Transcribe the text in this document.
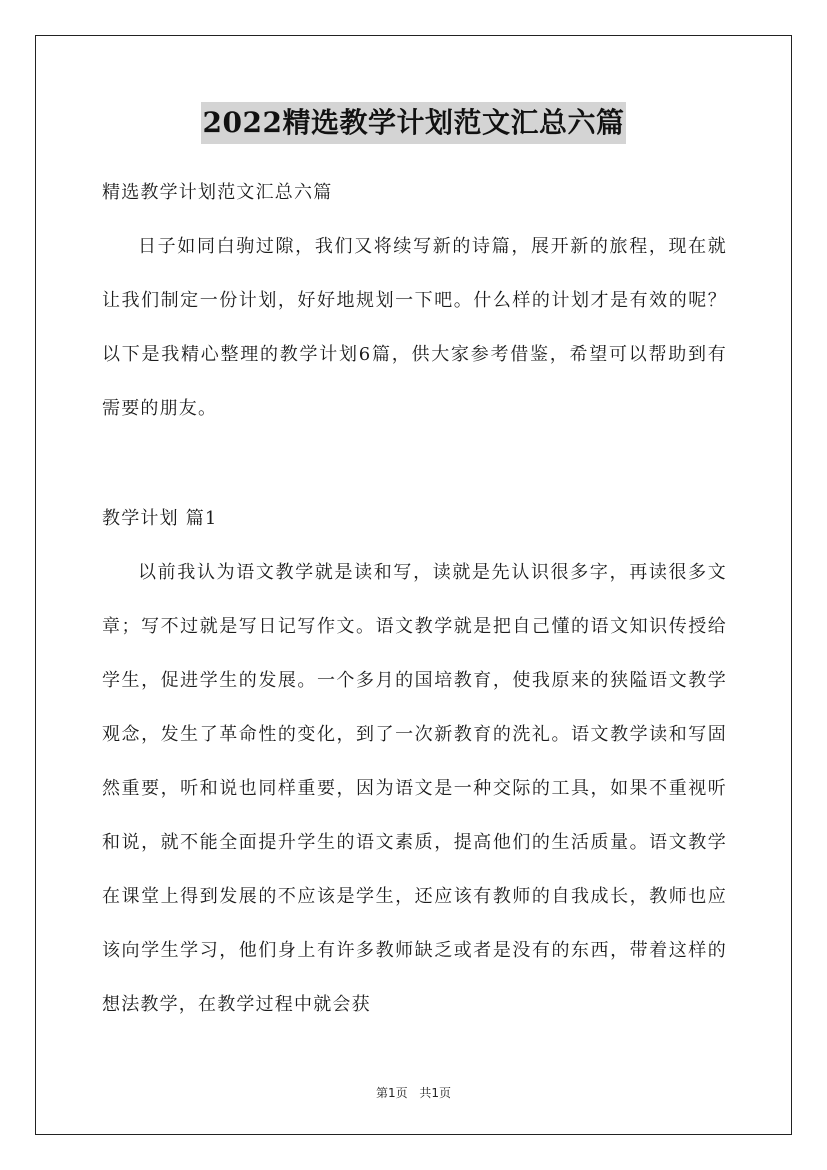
2022精选教学计划范文汇总六篇

精选教学计划范文汇总六篇

日子如同白驹过隙，我们又将续写新的诗篇，展开新的旅程，现在就让我们制定一份计划，好好地规划一下吧。什么样的计划才是有效的呢？以下是我精心整理的教学计划6篇，供大家参考借鉴，希望可以帮助到有需要的朋友。

教学计划 篇1

以前我认为语文教学就是读和写，读就是先认识很多字，再读很多文章；写不过就是写日记写作文。语文教学就是把自己懂的语文知识传授给学生，促进学生的发展。一个多月的国培教育，使我原来的狭隘语文教学观念，发生了革命性的变化，到了一次新教育的洗礼。语文教学读和写固然重要，听和说也同样重要，因为语文是一种交际的工具，如果不重视听和说，就不能全面提升学生的语文素质，提高他们的生活质量。语文教学在课堂上得到发展的不应该是学生，还应该有教师的自我成长，教师也应该向学生学习，他们身上有许多教师缺乏或者是没有的东西，带着这样的想法教学，在教学过程中就会获

第1页 共1页
